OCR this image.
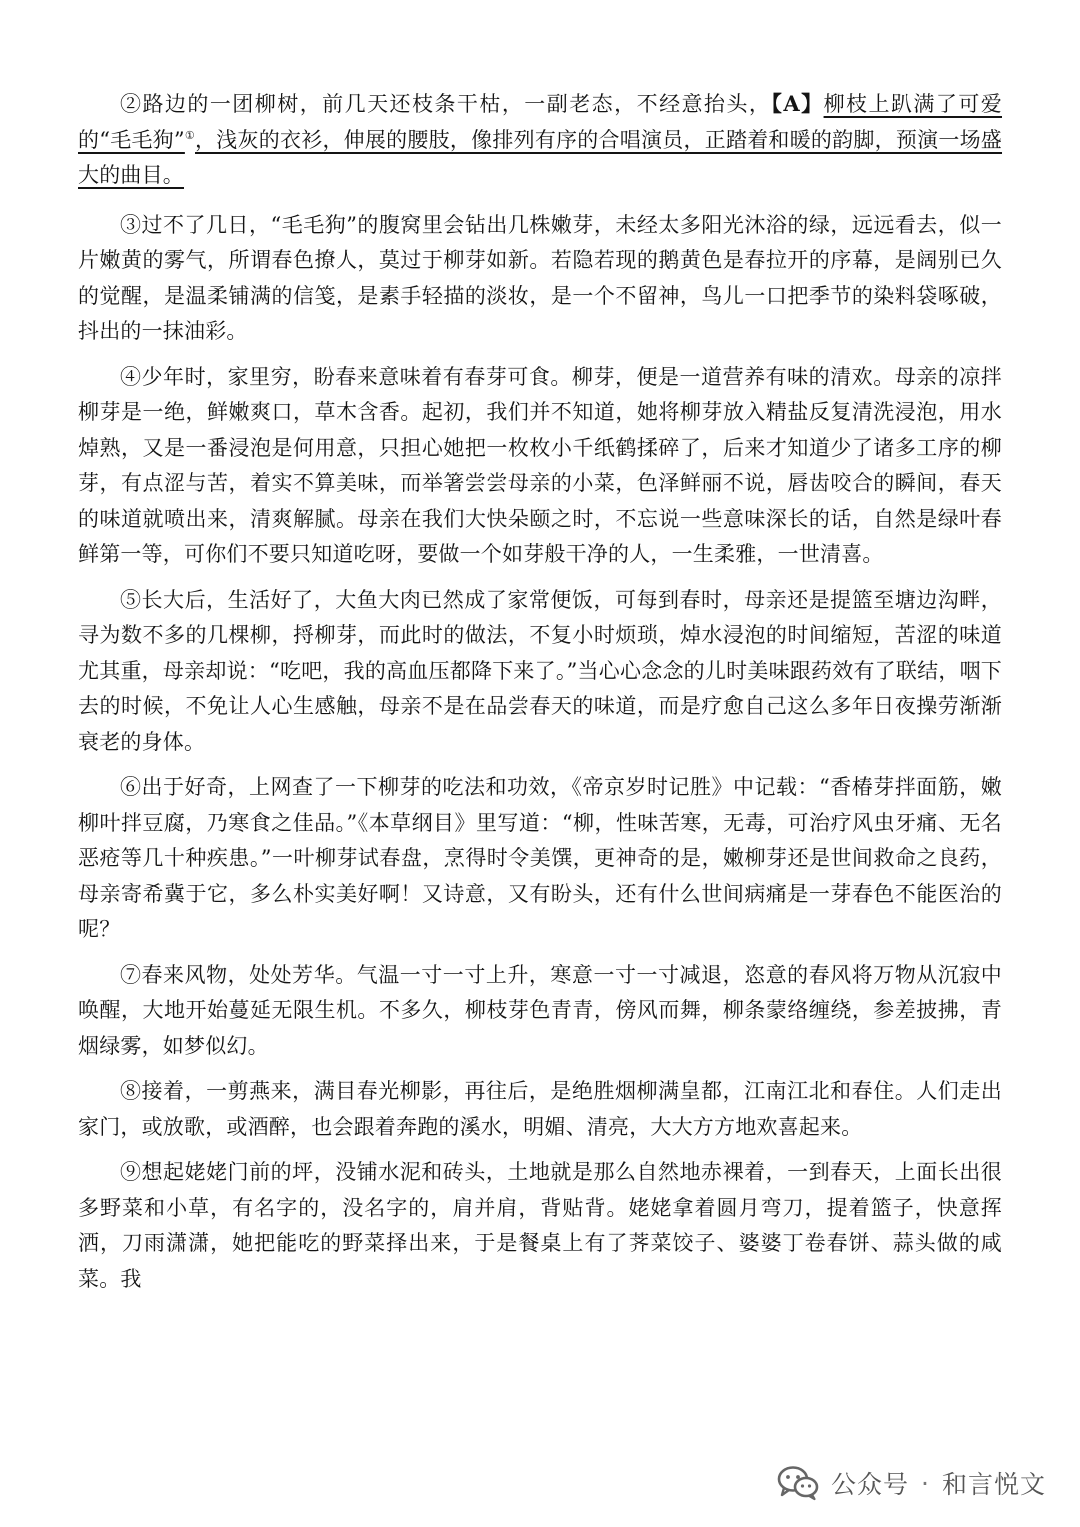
②路边的一团柳树，前几天还枝条干枯，一副老态，不经意抬头，【A】柳枝上趴满了可爱的“毛毛狗”①，浅灰的衣衫，伸展的腰肢，像排列有序的合唱演员，正踏着和暖的韵脚，预演一场盛大的曲目。

③过不了几日，“毛毛狗”的腹窝里会钻出几株嫩芽，未经太多阳光沐浴的绿，远远看去，似一片嫩黄的雾气，所谓春色撩人，莫过于柳芽如新。若隐若现的鹅黄色是春拉开的序幕，是阔别已久的觉醒，是温柔铺满的信笺，是素手轻描的淡妆，是一个不留神，鸟儿一口把季节的染料袋啄破，抖出的一抹油彩。

④少年时，家里穷，盼春来意味着有春芽可食。柳芽，便是一道营养有味的清欢。母亲的凉拌柳芽是一绝，鲜嫩爽口，草木含香。起初，我们并不知道，她将柳芽放入精盐反复清洗浸泡，用水焯熟，又是一番浸泡是何用意，只担心她把一枚枚小千纸鹤揉碎了，后来才知道少了诸多工序的柳芽，有点涩与苦，着实不算美味，而举箸尝尝母亲的小菜，色泽鲜丽不说，唇齿咬合的瞬间，春天的味道就喷出来，清爽解腻。母亲在我们大快朵颐之时，不忘说一些意味深长的话，自然是绿叶春鲜第一等，可你们不要只知道吃呀，要做一个如芽般干净的人，一生柔雅，一世清喜。

⑤长大后，生活好了，大鱼大肉已然成了家常便饭，可每到春时，母亲还是提篮至塘边沟畔，寻为数不多的几棵柳，捋柳芽，而此时的做法，不复小时烦琐，焯水浸泡的时间缩短，苦涩的味道尤其重，母亲却说：“吃吧，我的高血压都降下来了。”当心心念念的儿时美味跟药效有了联结，咽下去的时候，不免让人心生感触，母亲不是在品尝春天的味道，而是疗愈自己这么多年日夜操劳渐渐衰老的身体。

⑥出于好奇，上网查了一下柳芽的吃法和功效，《帝京岁时记胜》中记载：“香椿芽拌面筋，嫩柳叶拌豆腐，乃寒食之佳品。”《本草纲目》里写道：“柳，性味苦寒，无毒，可治疗风虫牙痛、无名恶疮等几十种疾患。”一叶柳芽试春盘，烹得时令美馔，更神奇的是，嫩柳芽还是世间救命之良药，母亲寄希冀于它，多么朴实美好啊！又诗意，又有盼头，还有什么世间病痛是一芽春色不能医治的呢？

⑦春来风物，处处芳华。气温一寸一寸上升，寒意一寸一寸减退，恣意的春风将万物从沉寂中唤醒，大地开始蔓延无限生机。不多久，柳枝芽色青青，傍风而舞，柳条蒙络缠绕，参差披拂，青烟绿雾，如梦似幻。

⑧接着，一剪燕来，满目春光柳影，再往后，是绝胜烟柳满皇都，江南江北和春住。人们走出家门，或放歌，或酒醉，也会跟着奔跑的溪水，明媚、清亮，大大方方地欢喜起来。

⑨想起姥姥门前的坪，没铺水泥和砖头，土地就是那么自然地赤裸着，一到春天，上面长出很多野菜和小草，有名字的，没名字的，肩并肩，背贴背。姥姥拿着圆月弯刀，提着篮子，快意挥洒，刀雨潇潇，她把能吃的野菜择出来，于是餐桌上有了荠菜饺子、婆婆丁卷春饼、蒜头做的咸菜。我

公众号 · 和言悦文
